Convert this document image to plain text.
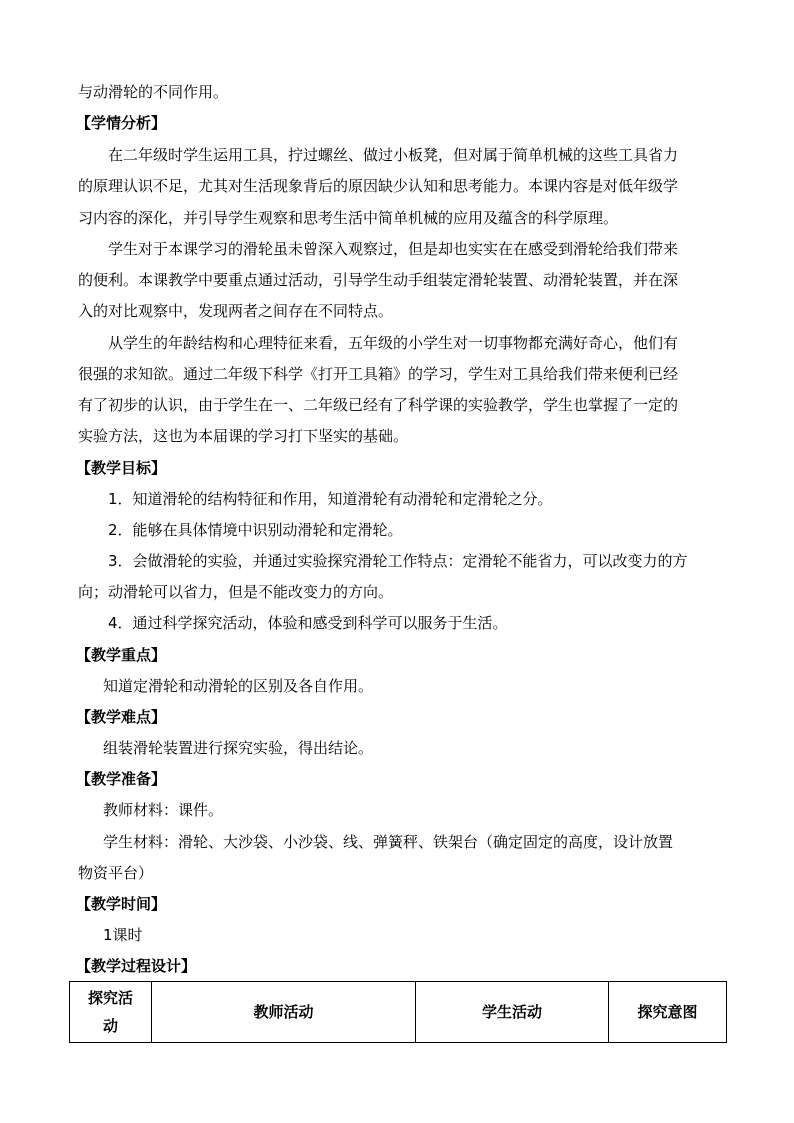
与动滑轮的不同作用。
【学情分析】
在二年级时学生运用工具，拧过螺丝、做过小板凳，但对属于简单机械的这些工具省力
的原理认识不足，尤其对生活现象背后的原因缺少认知和思考能力。本课内容是对低年级学
习内容的深化，并引导学生观察和思考生活中简单机械的应用及蕴含的科学原理。
学生对于本课学习的滑轮虽未曾深入观察过，但是却也实实在在感受到滑轮给我们带来
的便利。本课教学中要重点通过活动，引导学生动手组装定滑轮装置、动滑轮装置，并在深
入的对比观察中，发现两者之间存在不同特点。
从学生的年龄结构和心理特征来看，五年级的小学生对一切事物都充满好奇心，他们有
很强的求知欲。通过二年级下科学《打开工具箱》的学习，学生对工具给我们带来便利已经
有了初步的认识，由于学生在一、二年级已经有了科学课的实验教学，学生也掌握了一定的
实验方法，这也为本届课的学习打下坚实的基础。
【教学目标】
1．知道滑轮的结构特征和作用，知道滑轮有动滑轮和定滑轮之分。
2．能够在具体情境中识别动滑轮和定滑轮。
3．会做滑轮的实验，并通过实验探究滑轮工作特点：定滑轮不能省力，可以改变力的方
向；动滑轮可以省力，但是不能改变力的方向。
4．通过科学探究活动，体验和感受到科学可以服务于生活。
【教学重点】
知道定滑轮和动滑轮的区别及各自作用。
【教学难点】
组装滑轮装置进行探究实验，得出结论。
【教学准备】
教师材料：课件。
学生材料：滑轮、大沙袋、小沙袋、线、弹簧秤、铁架台（确定固定的高度，设计放置
物资平台）
【教学时间】
1课时
【教学过程设计】
探究活动	教师活动	学生活动	探究意图
